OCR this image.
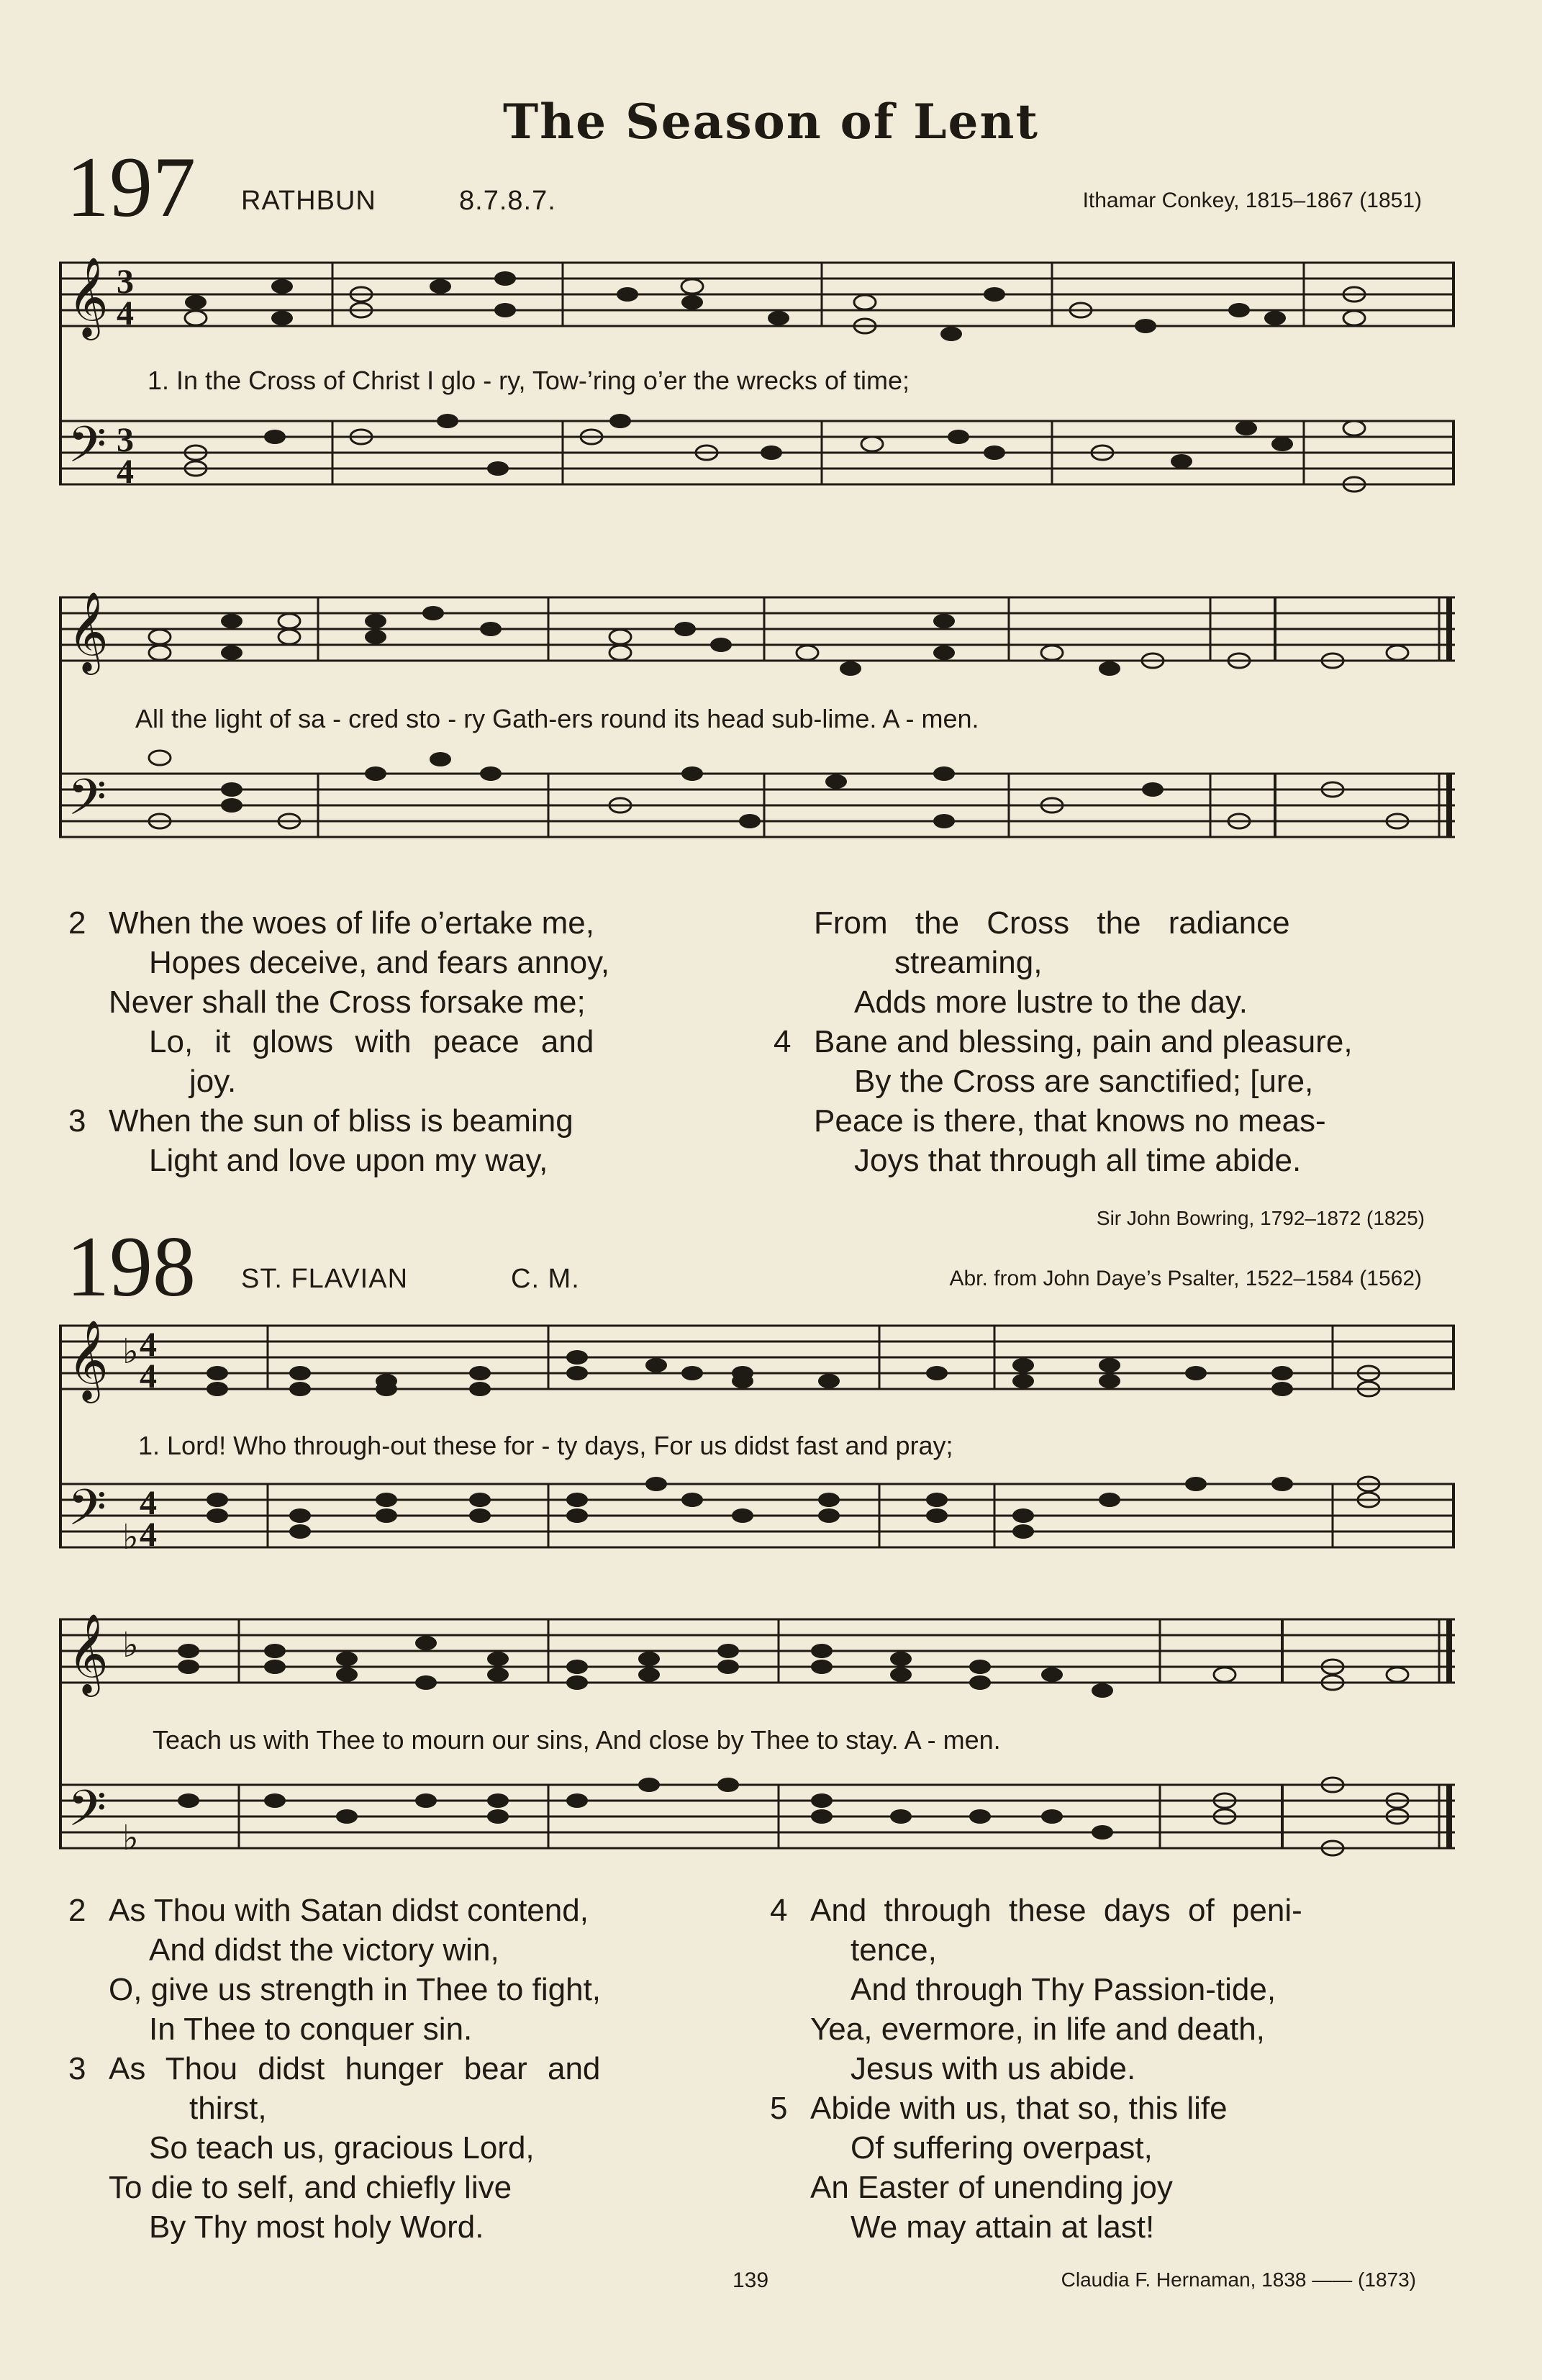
The Season of Lent
197 RATHBUN	8.7.8.7.	Ithamar Conkey, 1815–1867 (1851)
𝄞 3
4
𝄢 3
4
1. In the Cross of Christ I glo - ry, Tow-’ring o’er the wrecks of time;
𝄞
𝄢
All the light of sa - cred sto - ry Gath-ers round its head sub-lime. A - men.
2 When the woes of life o’ertake me,
Hopes deceive, and fears annoy,
Never shall the Cross forsake me;
Lo, it glows with peace and
joy.
3 When the sun of bliss is beaming
Light and love upon my way,
From the Cross the radiance
streaming,
Adds more lustre to the day.
4 Bane and blessing, pain and pleasure,
By the Cross are sanctified; [ure,
Peace is there, that knows no meas-
Joys that through all time abide.
Sir John Bowring, 1792–1872 (1825)
198 ST. FLAVIAN	C. M.	Abr. from John Daye’s Psalter, 1522–1584 (1562)
𝄞 ♭ 4
4
𝄢 ♭
4
4
1. Lord! Who through-out these for - ty days, For us didst fast and pray;
𝄞 ♭
𝄢 ♭
Teach us with Thee to mourn our sins, And close by Thee to stay. A - men.
2 As Thou with Satan didst contend,
And didst the victory win,
O, give us strength in Thee to fight,
In Thee to conquer sin.
3 As Thou didst hunger bear and
thirst,
So teach us, gracious Lord,
To die to self, and chiefly live
By Thy most holy Word.
4 And through these days of peni-
tence,
And through Thy Passion-tide,
Yea, evermore, in life and death,
Jesus with us abide.
5 Abide with us, that so, this life
Of suffering overpast,
An Easter of unending joy
We may attain at last!
139	Claudia F. Hernaman, 1838 —— (1873)
